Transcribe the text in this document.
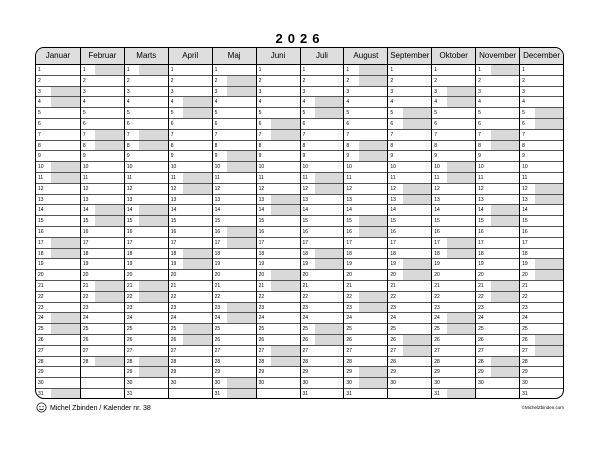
2026
Januar
1
2
3
4
5
6
7
8
9
10
11
12
13
14
15
16
17
18
19
20
21
22
23
24
25
26
27
28
29
30
31
Februar
1
2
3
4
5
6
7
8
9
10
11
12
13
14
15
16
17
18
19
20
21
22
23
24
25
26
27
28
Marts
1
2
3
4
5
6
7
8
9
10
11
12
13
14
15
16
17
18
19
20
21
22
23
24
25
26
27
28
29
30
31
April
1
2
3
4
5
6
7
8
9
10
11
12
13
14
15
16
17
18
19
20
21
22
23
24
25
26
27
28
29
30
Maj
1
2
3
4
5
6
7
8
9
10
11
12
13
14
15
16
17
18
19
20
21
22
23
24
25
26
27
28
29
30
31
Juni
1
2
3
4
5
6
7
8
9
10
11
12
13
14
15
16
17
18
19
20
21
22
23
24
25
26
27
28
29
30
Juli
1
2
3
4
5
6
7
8
9
10
11
12
13
14
15
16
17
18
19
20
21
22
23
24
25
26
27
28
29
30
31
August
1
2
3
4
5
6
7
8
9
10
11
12
13
14
15
16
17
18
19
20
21
22
23
24
25
26
27
28
29
30
31
September
1
2
3
4
5
6
7
8
9
10
11
12
13
14
15
16
17
18
19
20
21
22
23
24
25
26
27
28
29
30
Oktober
1
2
3
4
5
6
7
8
9
10
11
12
13
14
15
16
17
18
19
20
21
22
23
24
25
26
27
28
29
30
31
November
1
2
3
4
5
6
7
8
9
10
11
12
13
14
15
16
17
18
19
20
21
22
23
24
25
26
27
28
29
30
December
1
2
3
4
5
6
7
8
9
10
11
12
13
14
15
16
17
18
19
20
21
22
23
24
25
26
27
28
29
30
31
Michel Zbinden / Kalender nr. 38	©MichelZbinden.com
